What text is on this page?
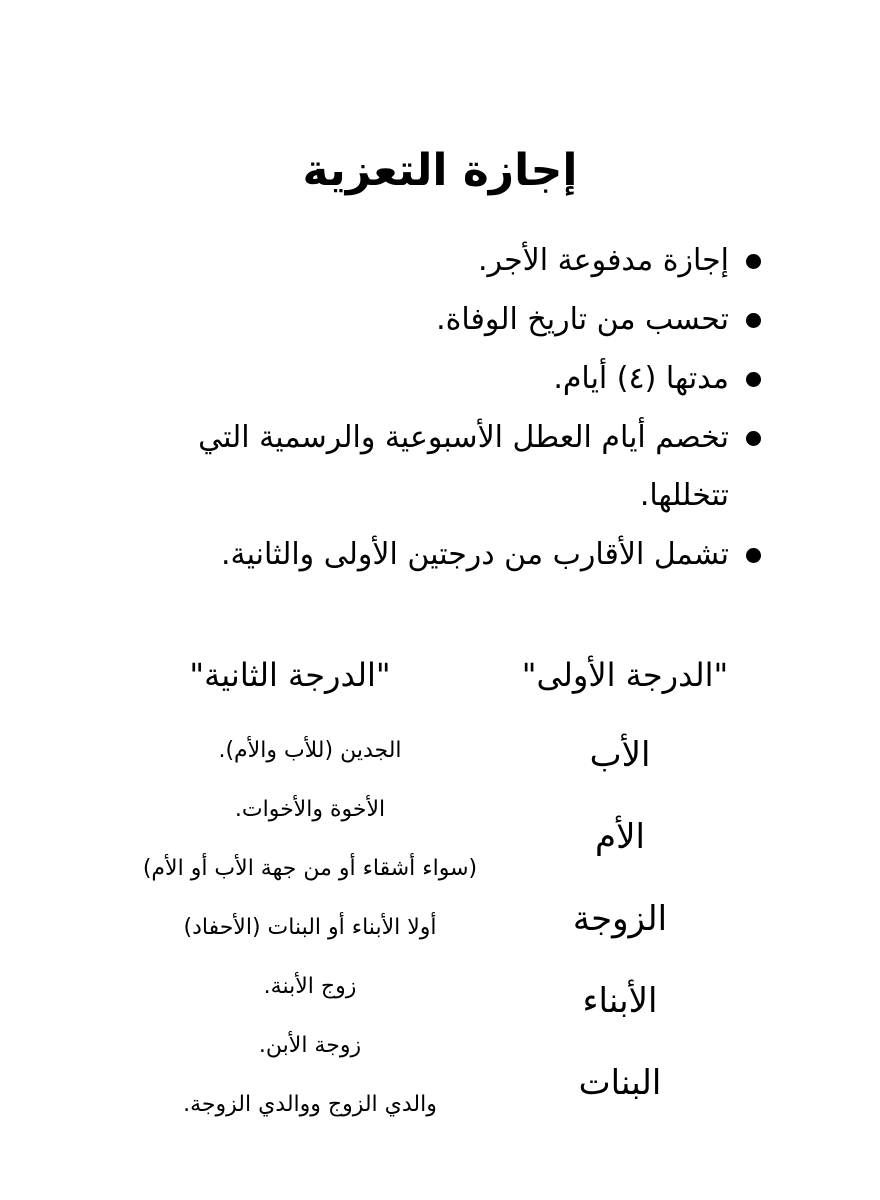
إجازة التعزية
إجازة مدفوعة الأجر.
تحسب من تاريخ الوفاة.
مدتها (٤) أيام.
تخصم أيام العطل الأسبوعية والرسمية التي تتخللها.
تشمل الأقارب من درجتين الأولى والثانية.
"الدرجة الأولى"
"الدرجة الثانية"
الأب
الأم
الزوجة
الأبناء
البنات
الجدين (للأب والأم).
الأخوة والأخوات.
(سواء أشقاء أو من جهة الأب أو الأم)
أولا الأبناء أو البنات (الأحفاد)
زوج الأبنة.
زوجة الأبن.
والدي الزوج ووالدي الزوجة.
